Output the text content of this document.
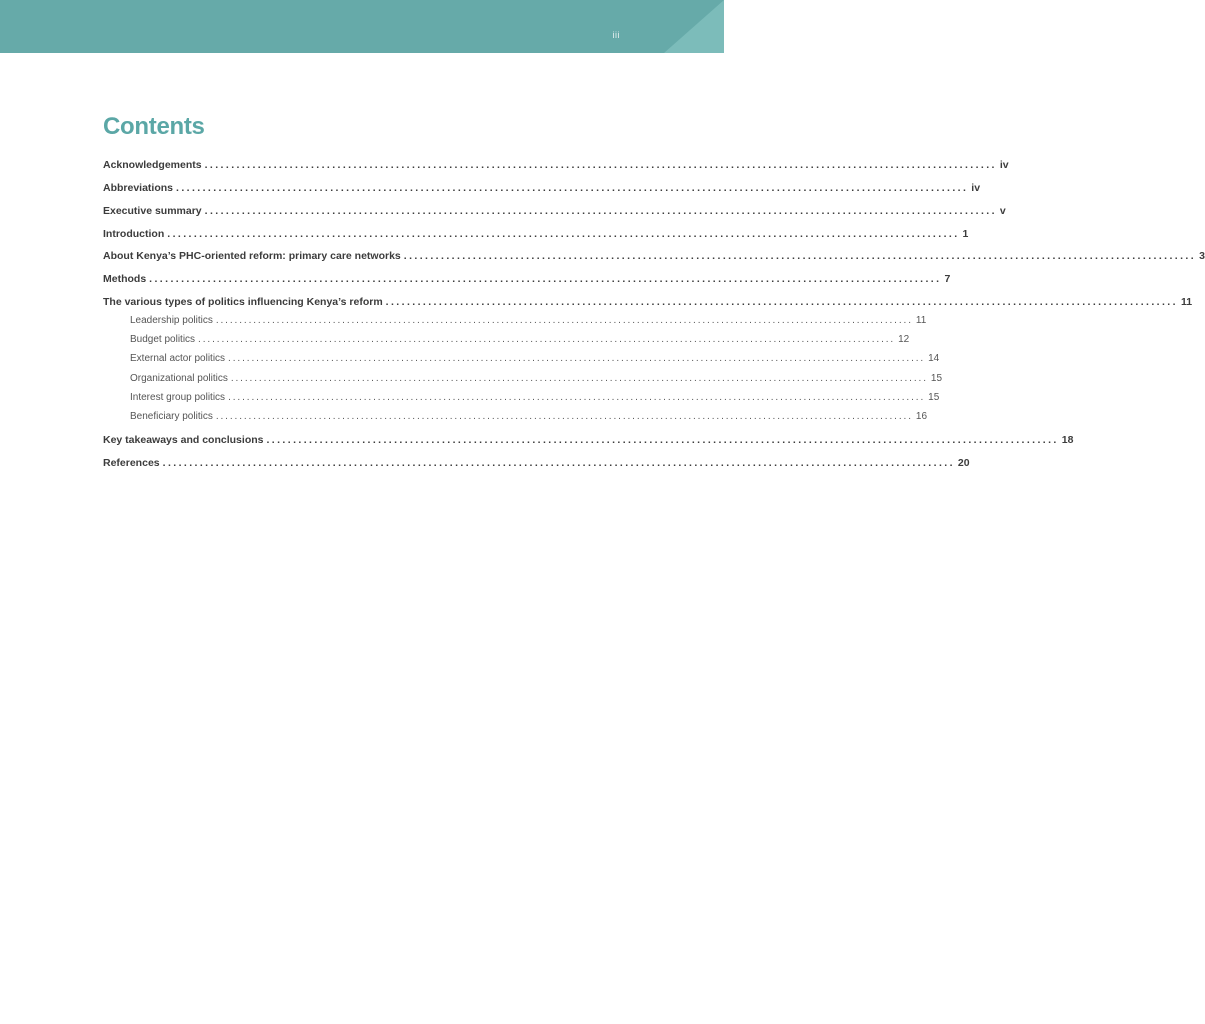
iii
Contents
Acknowledgements ..................................................................................................................................................... iv
Abbreviations ..................................................................................................................................................... iv
Executive summary ..................................................................................................................................................... v
Introduction ..................................................................................................................................................... 1
About Kenya’s PHC-oriented reform: primary care networks ..................................................................................................................................................... 3
Methods ..................................................................................................................................................... 7
The various types of politics influencing Kenya’s reform ..................................................................................................................................................... 11
Leadership politics ..................................................................................................................................................... 11
Budget politics ..................................................................................................................................................... 12
External actor politics ..................................................................................................................................................... 14
Organizational politics ..................................................................................................................................................... 15
Interest group politics ..................................................................................................................................................... 15
Beneficiary politics ..................................................................................................................................................... 16
Key takeaways and conclusions ..................................................................................................................................................... 18
References ..................................................................................................................................................... 20
